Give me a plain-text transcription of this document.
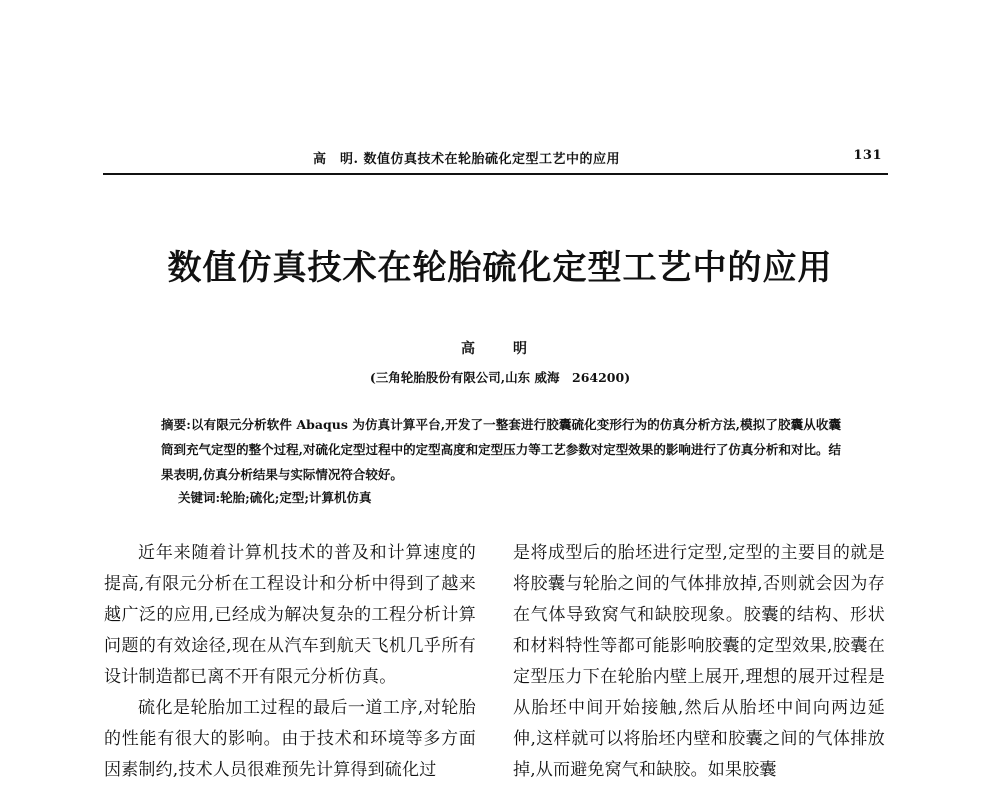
高　明. 数值仿真技术在轮胎硫化定型工艺中的应用	131
数值仿真技术在轮胎硫化定型工艺中的应用
高　明
(三角轮胎股份有限公司,山东 威海　264200)
摘要:以有限元分析软件 Abaqus 为仿真计算平台,开发了一整套进行胶囊硫化变形行为的仿真分析方法,模拟了胶囊从收囊筒到充气定型的整个过程,对硫化定型过程中的定型高度和定型压力等工艺参数对定型效果的影响进行了仿真分析和对比。结果表明,仿真分析结果与实际情况符合较好。
关键词:轮胎;硫化;定型;计算机仿真

近年来随着计算机技术的普及和计算速度的提高,有限元分析在工程设计和分析中得到了越来越广泛的应用,已经成为解决复杂的工程分析计算问题的有效途径,现在从汽车到航天飞机几乎所有设计制造都已离不开有限元分析仿真。

硫化是轮胎加工过程的最后一道工序,对轮胎的性能有很大的影响。由于技术和环境等多方面因素制约,技术人员很难预先计算得到硫化过

是将成型后的胎坯进行定型,定型的主要目的就是将胶囊与轮胎之间的气体排放掉,否则就会因为存在气体导致窝气和缺胶现象。胶囊的结构、形状和材料特性等都可能影响胶囊的定型效果,胶囊在定型压力下在轮胎内壁上展开,理想的展开过程是从胎坯中间开始接触,然后从胎坯中间向两边延伸,这样就可以将胎坯内壁和胶囊之间的气体排放掉,从而避免窝气和缺胶。如果胶囊
